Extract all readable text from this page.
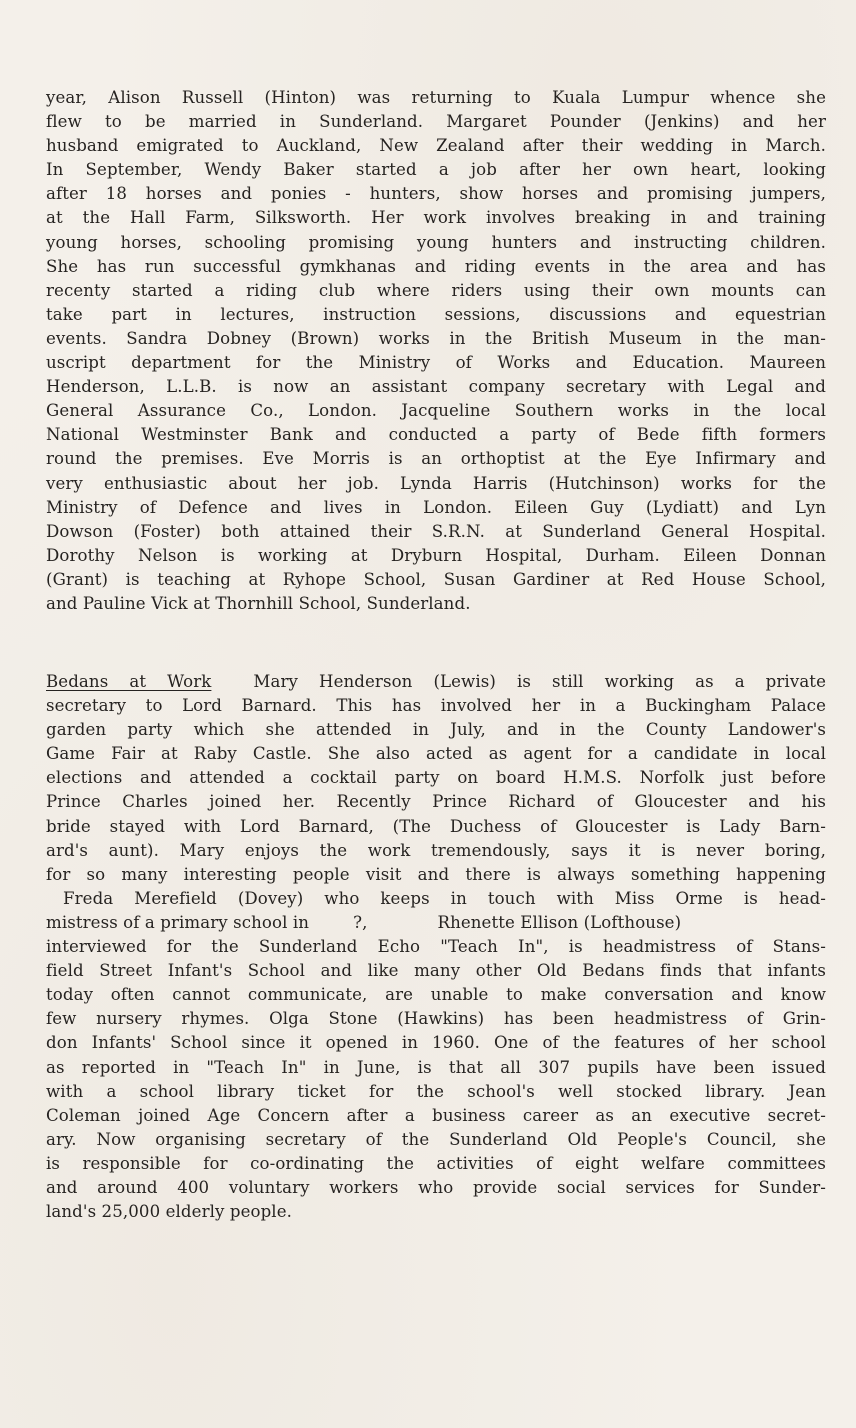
year, Alison Russell (Hinton) was returning to Kuala Lumpur whence she
flew to be married in Sunderland. Margaret Pounder (Jenkins) and her
husband emigrated to Auckland, New Zealand after their wedding in March.
In September, Wendy Baker started a job after her own heart, looking
after 18 horses and ponies - hunters, show horses and promising jumpers,
at the Hall Farm, Silksworth. Her work involves breaking in and training
young horses, schooling promising young hunters and instructing children.
She has run successful gymkhanas and riding events in the area and has
recenty started a riding club where riders using their own mounts can
take part in lectures, instruction sessions, discussions and equestrian
events. Sandra Dobney (Brown) works in the British Museum in the man-
uscript department for the Ministry of Works and Education. Maureen
Henderson, L.L.B. is now an assistant company secretary with Legal and
General Assurance Co., London. Jacqueline Southern works in the local
National Westminster Bank and conducted a party of Bede fifth formers
round the premises. Eve Morris is an orthoptist at the Eye Infirmary and
very enthusiastic about her job. Lynda Harris (Hutchinson) works for the
Ministry of Defence and lives in London. Eileen Guy (Lydiatt) and Lyn
Dowson (Foster) both attained their S.R.N. at Sunderland General Hospital.
Dorothy Nelson is working at Dryburn Hospital, Durham. Eileen Donnan
(Grant) is teaching at Ryhope School, Susan Gardiner at Red House School,
and Pauline Vick at Thornhill School, Sunderland.
Bedans at Work	Mary Henderson (Lewis) is still working as a private
secretary to Lord Barnard. This has involved her in a Buckingham Palace
garden party which she attended in July, and in the County Landower's
Game Fair at Raby Castle. She also acted as agent for a candidate in local
elections and attended a cocktail party on board H.M.S. Norfolk just before
Prince Charles joined her. Recently Prince Richard of Gloucester and his
bride stayed with Lord Barnard, (The Duchess of Gloucester is Lady Barn-
ard's aunt). Mary enjoys the work tremendously, says it is never boring,
for so many interesting people visit and there is always something happening
Freda Merefield (Dovey) who keeps in touch with Miss Orme is head-
mistress of a primary school in	?,	Rhenette Ellison (Lofthouse)
interviewed for the Sunderland Echo "Teach In", is headmistress of Stans-
field Street Infant's School and like many other Old Bedans finds that infants
today often cannot communicate, are unable to make conversation and know
few nursery rhymes. Olga Stone (Hawkins) has been headmistress of Grin-
don Infants' School since it opened in 1960. One of the features of her school
as reported in "Teach In" in June, is that all 307 pupils have been issued
with a school library ticket for the school's well stocked library. Jean
Coleman joined Age Concern after a business career as an executive secret-
ary. Now organising secretary of the Sunderland Old People's Council, she
is responsible for co-ordinating the activities of eight welfare committees
and around 400 voluntary workers who provide social services for Sunder-
land's 25,000 elderly people.
